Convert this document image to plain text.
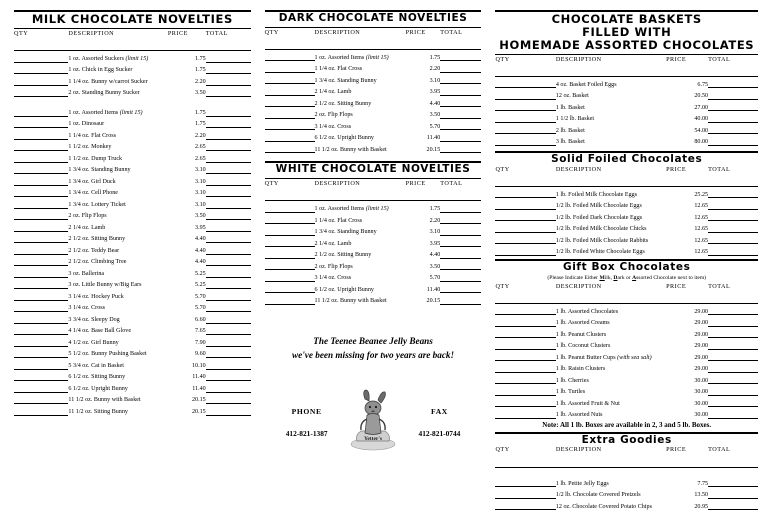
MILK CHOCOLATE NOVELTIES
QTY	DESCRIPTION	PRICE	TOTAL

	1 oz. Assorted Suckers (limit 15)	1.75	
	1 oz. Chick in Egg Sucker	1.75	
	1 1/4 oz. Bunny w/carrot Sucker	2.20	
	2 oz. Standing Bunny Sucker	3.50	

	1 oz. Assorted Items (limit 15)	1.75	
	1 oz. Dinosaur	1.75	
	1 1/4 oz. Flat Cross	2.20	
	1 1/2 oz. Monkey	2.65	
	1 1/2 oz. Dump Truck	2.65	
	1 3/4 oz. Standing Bunny	3.10	
	1 3/4 oz. Girl Duck	3.10	
	1 3/4 oz. Cell Phone	3.10	
	1 3/4 oz. Lottery Ticket	3.10	
	2 oz. Flip Flops	3.50	
	2 1/4 oz. Lamb	3.95	
	2 1/2 oz. Sitting Bunny	4.40	
	2 1/2 oz. Teddy Bear	4.40	
	2 1/2 oz. Climbing Tree	4.40	
	3 oz. Ballerina	5.25	
	3 oz. Little Bunny w/Big Ears	5.25	
	3 1/4 oz. Hockey Puck	5.70	
	3 1/4 oz. Cross	5.70	
	3 3/4 oz. Sleepy Dog	6.60	
	4 1/4 oz. Base Ball Glove	7.65	
	4 1/2 oz. Girl Bunny	7.90	
	5 1/2 oz. Bunny Pushing Basket	9.60	
	5 3/4 oz. Cat in Basket	10.10	
	6 1/2 oz. Sitting Bunny	11.40	
	6 1/2 oz. Upright Bunny	11.40	
	11 1/2 oz. Bunny with Basket	20.15	
	11 1/2 oz. Sitting Bunny	20.15	
DARK CHOCOLATE NOVELTIES
QTY	DESCRIPTION	PRICE	TOTAL

	1 oz. Assorted Items (limit 15)	1.75	
	1 1/4 oz. Flat Cross	2.20	
	1 3/4 oz. Standing Bunny	3.10	
	2 1/4 oz. Lamb	3.95	
	2 1/2 oz. Sitting Bunny	4.40	
	2 oz. Flip Flops	3.50	
	3 1/4 oz. Cross	5.70	
	6 1/2 oz. Upright Bunny	11.40	
	11 1/2 oz. Bunny with Basket	20.15	
WHITE CHOCOLATE NOVELTIES
QTY	DESCRIPTION	PRICE	TOTAL

	1 oz. Assorted Items (limit 15)	1.75	
	1 1/4 oz. Flat Cross	2.20	
	1 3/4 oz. Standing Bunny	3.10	
	2 1/4 oz. Lamb	3.95	
	2 1/2 oz. Sitting Bunny	4.40	
	2 oz. Flip Flops	3.50	
	3 1/4 oz. Cross	5.70	
	6 1/2 oz. Upright Bunny	11.40	
	11 1/2 oz. Bunny with Basket	20.15	
The Teenee Beanee Jelly Beans
we've been missing for two years are back!
PHONE
412-821-1387
Yetter's
FAX
412-821-0744
CHOCOLATE BASKETS
FILLED WITH
HOMEMADE ASSORTED CHOCOLATES
QTY	DESCRIPTION	PRICE	TOTAL

	4 oz. Basket Foiled Eggs	6.75	
	12 oz. Basket	20.50	
	1 lb. Basket	27.00	
	1 1/2 lb. Basket	40.00	
	2 lb. Basket	54.00	
	3 lb. Basket	80.00	
Solid Foiled Chocolates
QTY	DESCRIPTION	PRICE	TOTAL

	1 lb. Foiled Milk Chocolate Eggs	25.25	
	1/2 lb. Foiled Milk Chocolate Eggs	12.65	
	1/2 lb. Foiled Dark Chocolate Eggs	12.65	
	1/2 lb. Foiled Milk Chocolate Chicks	12.65	
	1/2 lb. Foiled Milk Chocolate Rabbits	12.65	
	1/2 lb. Foiled White Chocolate Eggs	12.65	
Gift Box Chocolates
(Please Indicate Either Milk, Dark or Assorted Chocolate next to item)
QTY	DESCRIPTION	PRICE	TOTAL

	1 lb. Assorted Chocolates	29.00	
	1 lb. Assorted Creams	29.00	
	1 lb. Peanut Clusters	29.00	
	1 lb. Coconut Clusters	29.00	
	1 lb. Peanut Butter Cups (with sea salt)	29.00	
	1 lb. Raisin Clusters	29.00	
	1 lb. Cherries	30.00	
	1 lb. Turtles	30.00	
	1 lb. Assorted Fruit & Nut	30.00	
	1 lb. Assorted Nuts	30.00	
Note: All 1 lb. Boxes are available in 2, 3 and 5 lb. Boxes.
Extra Goodies
QTY	DESCRIPTION	PRICE	TOTAL

	1 lb. Petite Jelly Eggs	7.75	
	1/2 lb. Chocolate Covered Pretzels	13.50	
	12 oz. Chocolate Covered Potato Chips	20.95	
